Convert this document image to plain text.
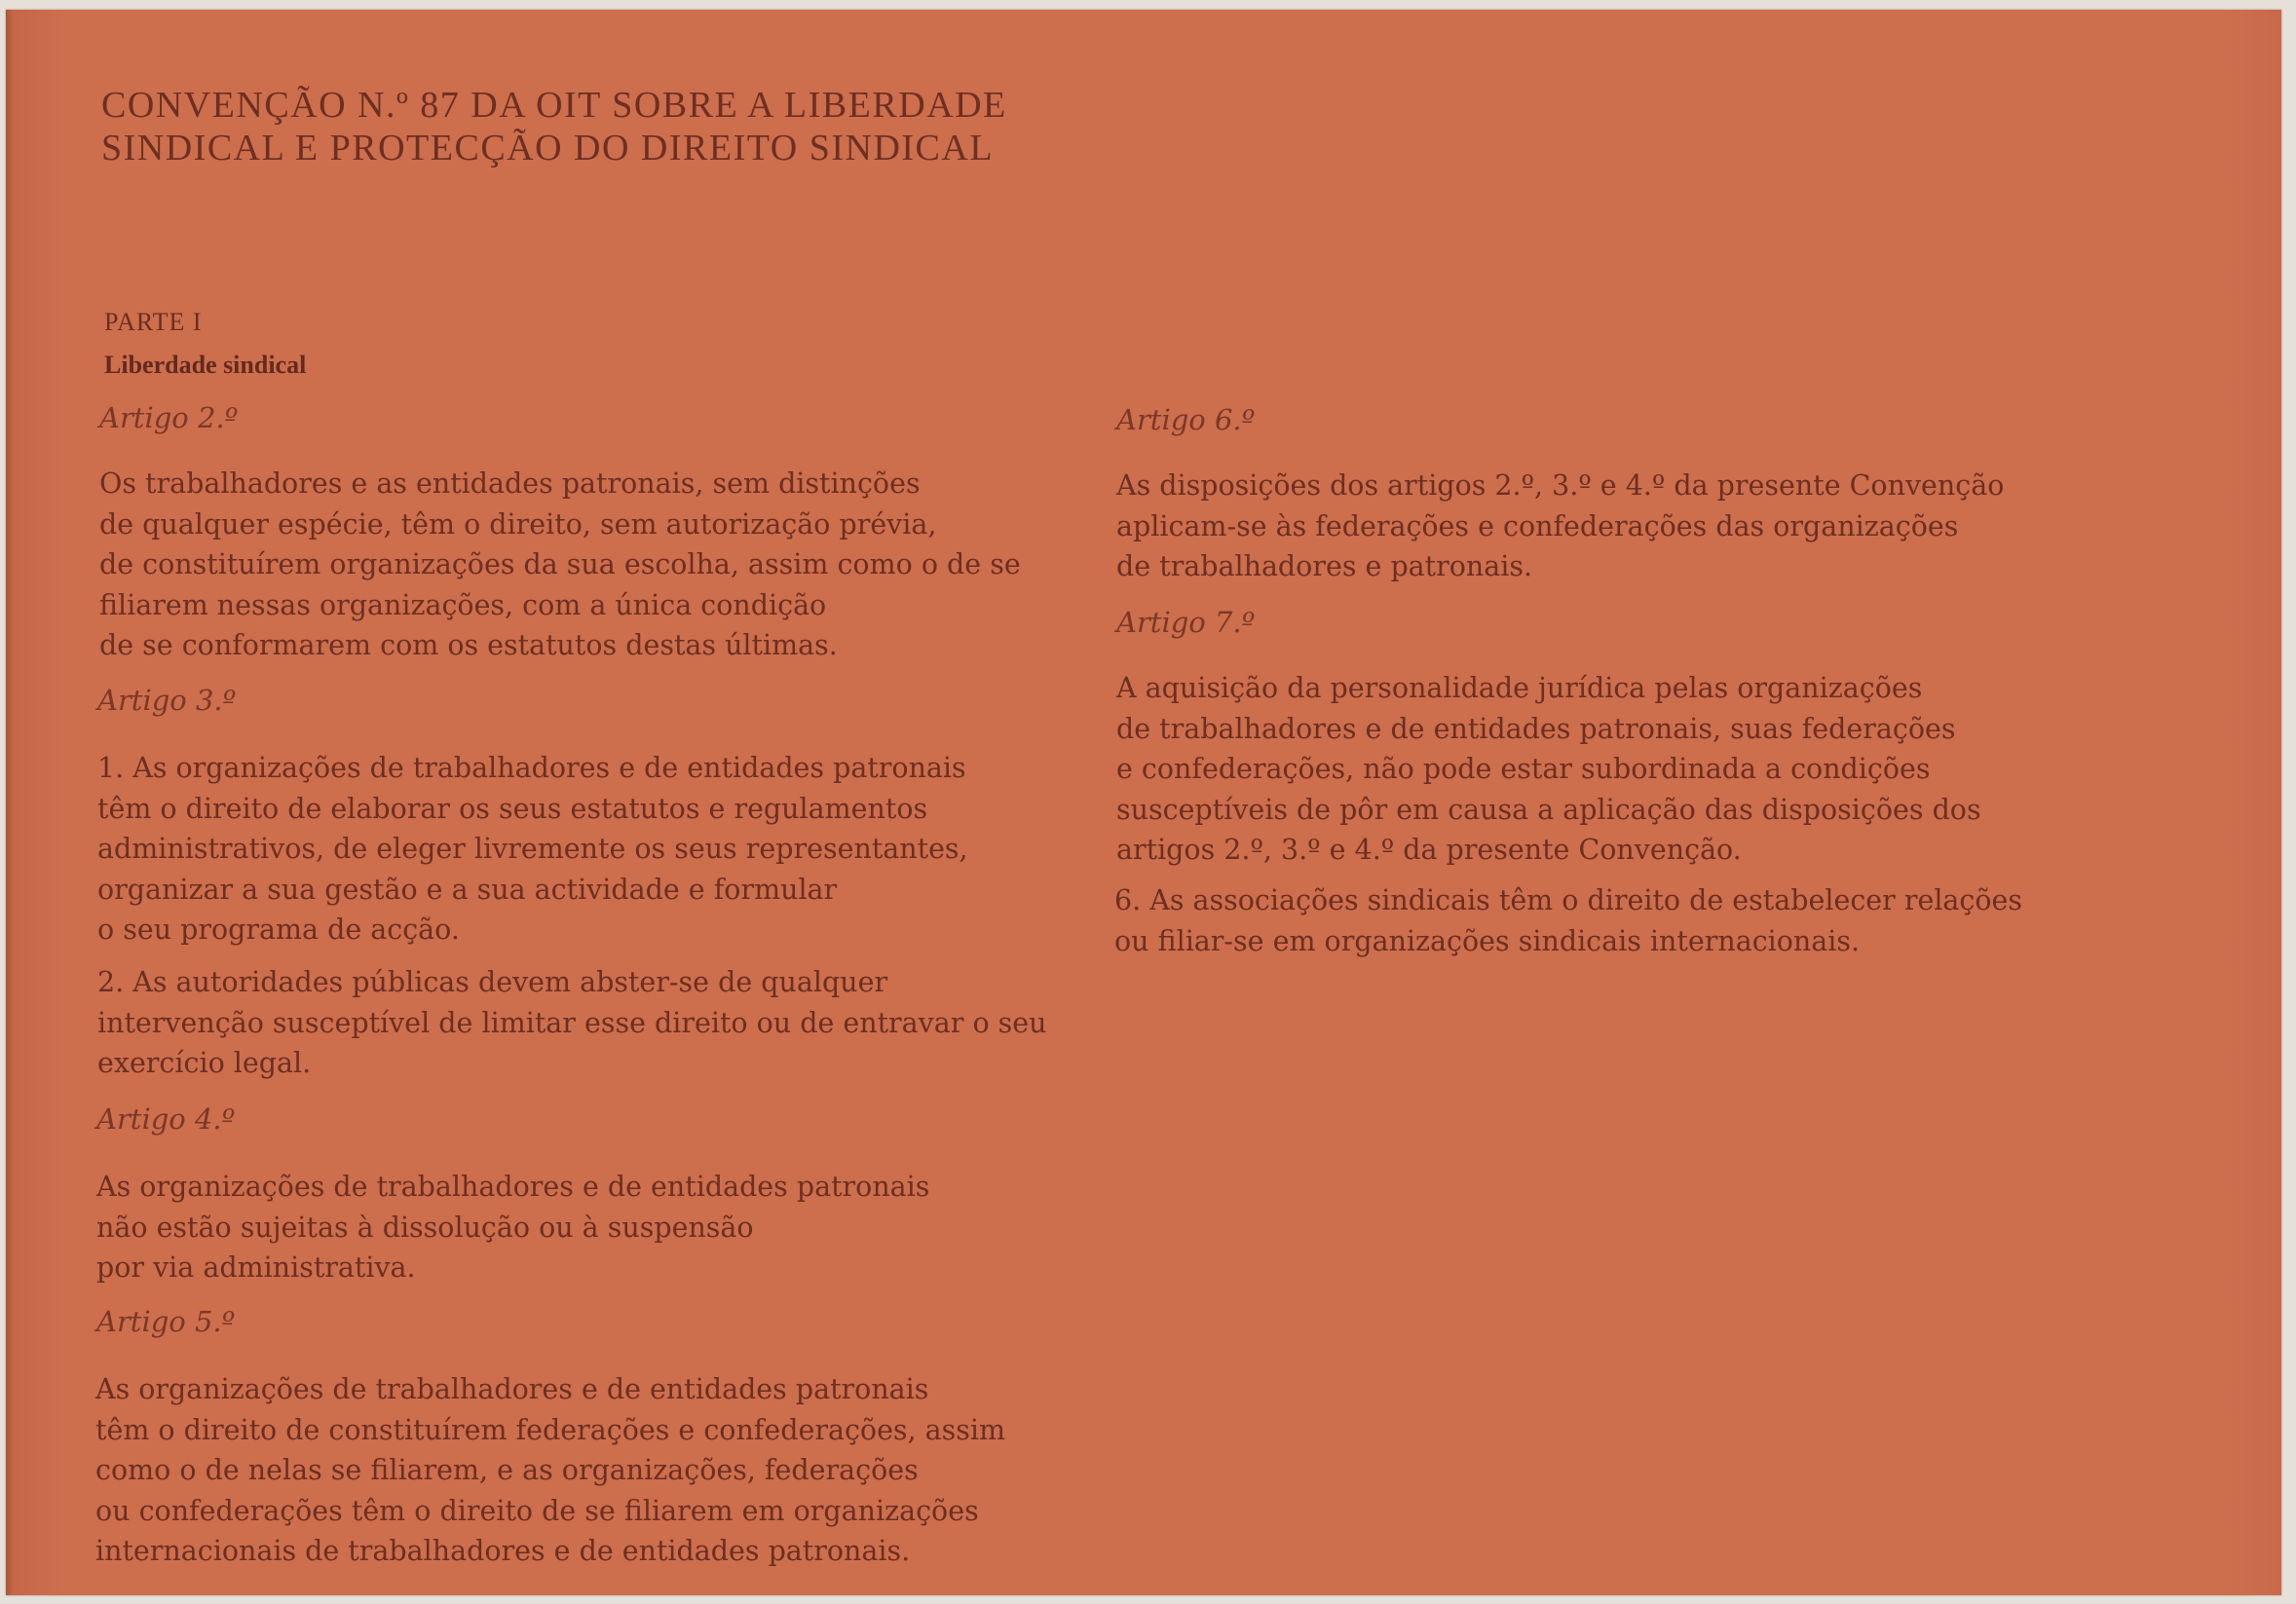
CONVENÇÃO N.º 87 DA OIT SOBRE A LIBERDADE
SINDICAL E PROTECÇÃO DO DIREITO SINDICAL
PARTE I
Liberdade sindical

Artigo 2.º

Os trabalhadores e as entidades patronais, sem distinções
de qualquer espécie, têm o direito, sem autorização prévia,
de constituírem organizações da sua escolha, assim como o de se
filiarem nessas organizações, com a única condição
de se conformarem com os estatutos destas últimas.

Artigo 3.º

1. As organizações de trabalhadores e de entidades patronais
têm o direito de elaborar os seus estatutos e regulamentos
administrativos, de eleger livremente os seus representantes,
organizar a sua gestão e a sua actividade e formular
o seu programa de acção.

2. As autoridades públicas devem abster-se de qualquer
intervenção susceptível de limitar esse direito ou de entravar o seu
exercício legal.

Artigo 4.º

As organizações de trabalhadores e de entidades patronais
não estão sujeitas à dissolução ou à suspensão
por via administrativa.

Artigo 5.º

As organizações de trabalhadores e de entidades patronais
têm o direito de constituírem federações e confederações, assim
como o de nelas se filiarem, e as organizações, federações
ou confederações têm o direito de se filiarem em organizações
internacionais de trabalhadores e de entidades patronais.

Artigo 6.º

As disposições dos artigos 2.º, 3.º e 4.º da presente Convenção
aplicam-se às federações e confederações das organizações
de trabalhadores e patronais.

Artigo 7.º

A aquisição da personalidade jurídica pelas organizações
de trabalhadores e de entidades patronais, suas federações
e confederações, não pode estar subordinada a condições
susceptíveis de pôr em causa a aplicação das disposições dos
artigos 2.º, 3.º e 4.º da presente Convenção.

6. As associações sindicais têm o direito de estabelecer relações
ou filiar-se em organizações sindicais internacionais.
